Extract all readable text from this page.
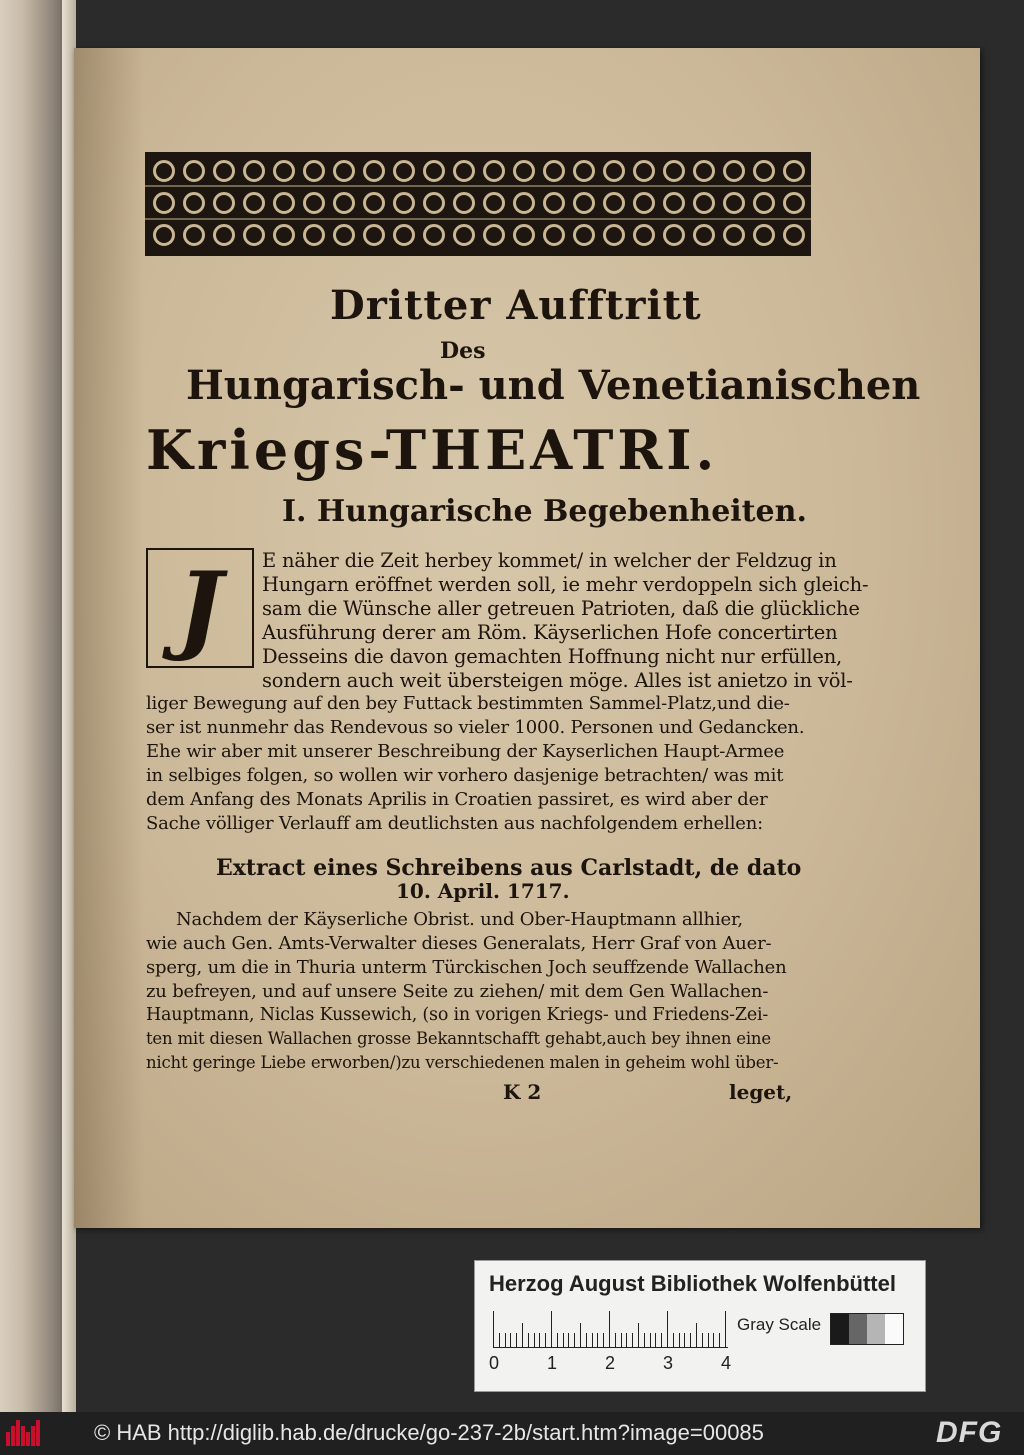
Dritter Aufftritt
Des
Hungarisch- und Venetianischen
Kriegs-THEATRI.
I. Hungarische Begebenheiten.
J	E näher die Zeit herbey kommet/ in welcher der Feldzug in
Hungarn eröffnet werden soll, ie mehr verdoppeln sich gleich-
sam die Wünsche aller getreuen Patrioten, daß die glückliche
Ausführung derer am Röm. Käyserlichen Hofe concertirten
Desseins die davon gemachten Hoffnung nicht nur erfüllen,
sondern auch weit übersteigen möge. Alles ist anietzo in völ-
liger Bewegung auf den bey Futtack bestimmten Sammel-Platz,und die-
ser ist nunmehr das Rendevous so vieler 1000. Personen und Gedancken.
Ehe wir aber mit unserer Beschreibung der Kayserlichen Haupt-Armee
in selbiges folgen, so wollen wir vorhero dasjenige betrachten/ was mit
dem Anfang des Monats Aprilis in Croatien passiret, es wird aber der
Sache völliger Verlauff am deutlichsten aus nachfolgendem erhellen:
Extract eines Schreibens aus Carlstadt, de dato
10. April. 1717.
Nachdem der Käyserliche Obrist. und Ober-Hauptmann allhier,
wie auch Gen. Amts-Verwalter dieses Generalats, Herr Graf von Auer-
sperg, um die in Thuria unterm Türckischen Joch seuffzende Wallachen
zu befreyen, und auf unsere Seite zu ziehen/ mit dem Gen Wallachen-
Hauptmann, Niclas Kussewich, (so in vorigen Kriegs- und Friedens-Zei-
ten mit diesen Wallachen grosse Bekanntschafft gehabt,auch bey ihnen eine
nicht geringe Liebe erworben/)zu verschiedenen malen in geheim wohl über-
K 2	leget,
Herzog August Bibliothek Wolfenbüttel
0	1	2	3	4
Gray Scale
© HAB http://diglib.hab.de/drucke/go-237-2b/start.htm?image=00085	DFG
